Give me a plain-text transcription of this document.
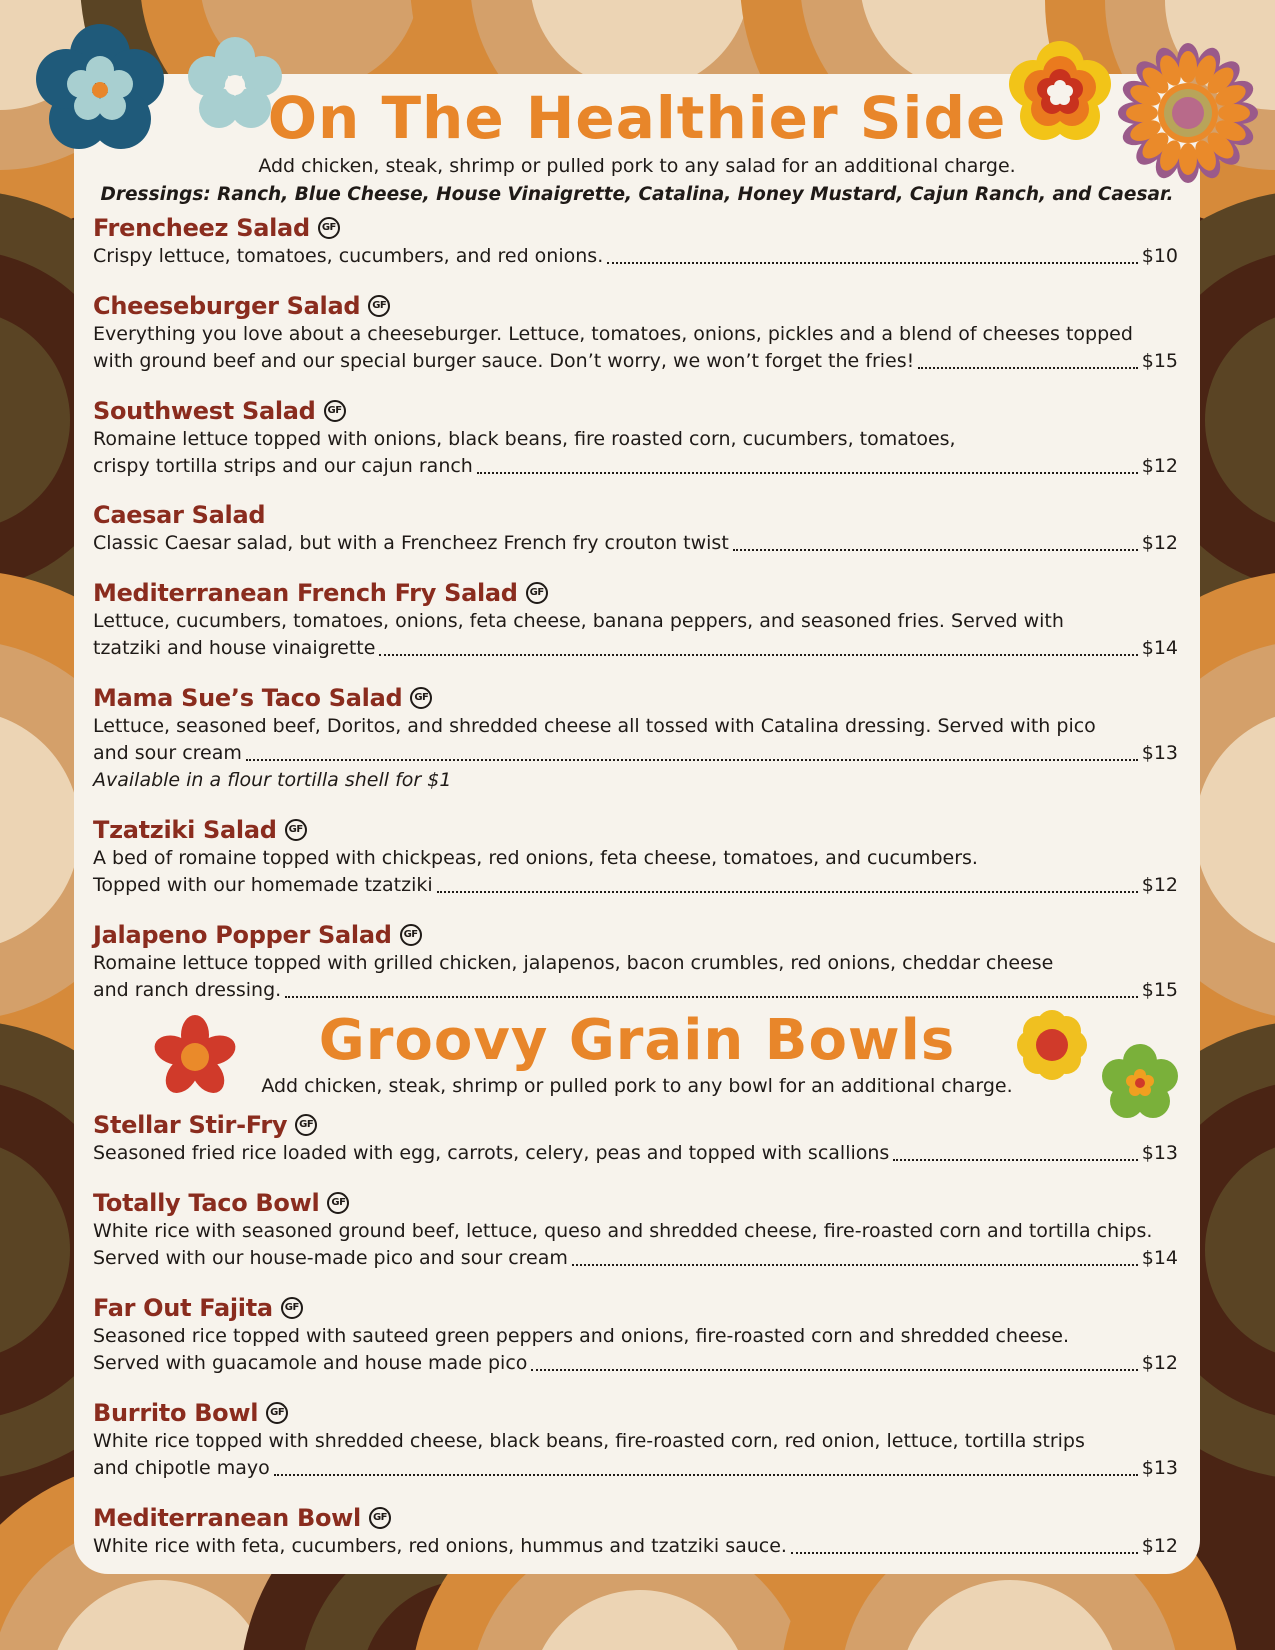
On The Healthier Side
Add chicken, steak, shrimp or pulled pork to any salad for an additional charge.
Dressings: Ranch, Blue Cheese, House Vinaigrette, Catalina, Honey Mustard, Cajun Ranch, and Caesar.
Frencheez Salad	GF
Crispy lettuce, tomatoes, cucumbers, and red onions.	$10
Cheeseburger Salad	GF
Everything you love about a cheeseburger. Lettuce, tomatoes, onions, pickles and a blend of cheeses topped
with ground beef and our special burger sauce. Don’t worry, we won’t forget the fries!	$15
Southwest Salad	GF
Romaine lettuce topped with onions, black beans, fire roasted corn, cucumbers, tomatoes,
crispy tortilla strips and our cajun ranch	$12
Caesar Salad
Classic Caesar salad, but with a Frencheez French fry crouton twist	$12
Mediterranean French Fry Salad	GF
Lettuce, cucumbers, tomatoes, onions, feta cheese, banana peppers, and seasoned fries. Served with
tzatziki and house vinaigrette	$14
Mama Sue’s Taco Salad	GF
Lettuce, seasoned beef, Doritos, and shredded cheese all tossed with Catalina dressing. Served with pico
and sour cream	$13
Available in a flour tortilla shell for $1
Tzatziki Salad	GF
A bed of romaine topped with chickpeas, red onions, feta cheese, tomatoes, and cucumbers.
Topped with our homemade tzatziki	$12
Jalapeno Popper Salad	GF
Romaine lettuce topped with grilled chicken, jalapenos, bacon crumbles, red onions, cheddar cheese
and ranch dressing.	$15
Groovy Grain Bowls
Add chicken, steak, shrimp or pulled pork to any bowl for an additional charge.
Stellar Stir-Fry	GF
Seasoned fried rice loaded with egg, carrots, celery, peas and topped with scallions	$13
Totally Taco Bowl	GF
White rice with seasoned ground beef, lettuce, queso and shredded cheese, fire-roasted corn and tortilla chips.
Served with our house-made pico and sour cream	$14
Far Out Fajita	GF
Seasoned rice topped with sauteed green peppers and onions, fire-roasted corn and shredded cheese.
Served with guacamole and house made pico	$12
Burrito Bowl	GF
White rice topped with shredded cheese, black beans, fire-roasted corn, red onion, lettuce, tortilla strips
and chipotle mayo	$13
Mediterranean Bowl	GF
White rice with feta, cucumbers, red onions, hummus and tzatziki sauce.	$12
